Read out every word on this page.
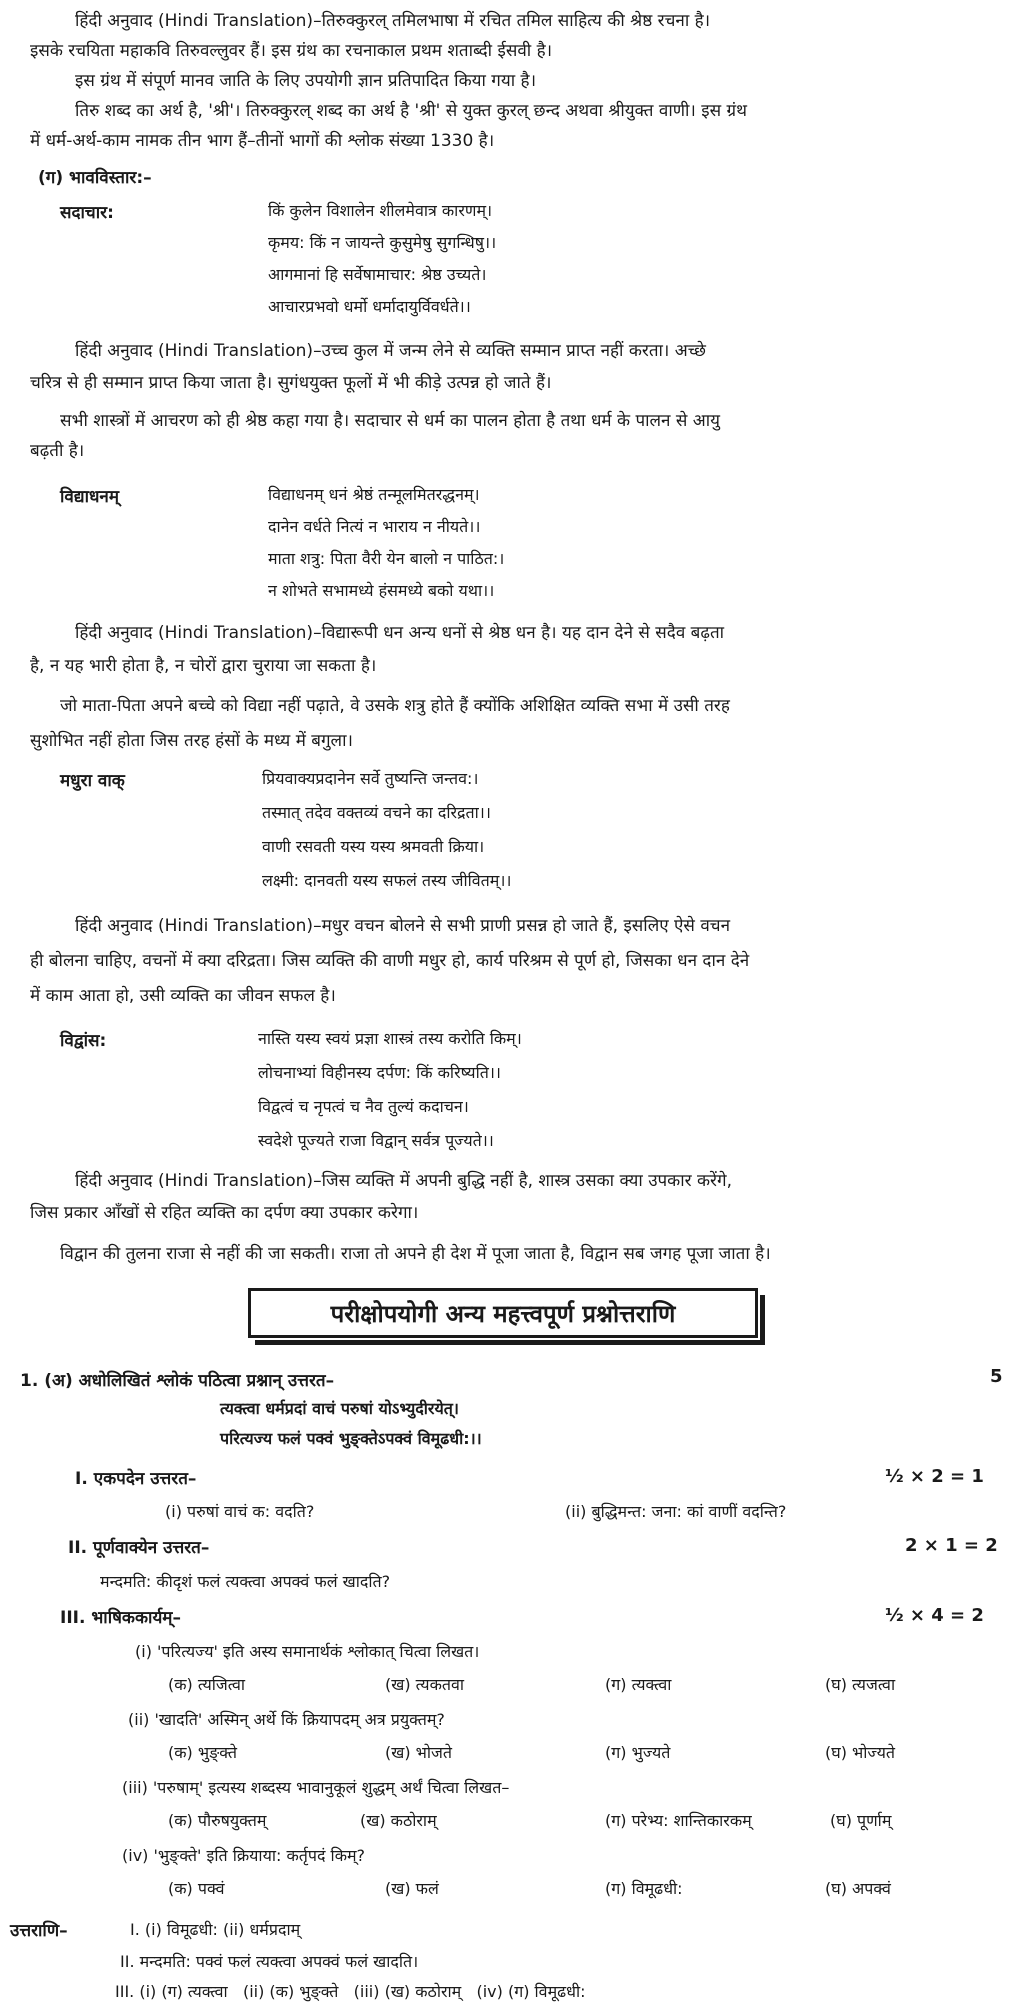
हिंदी अनुवाद (Hindi Translation)–तिरुक्कुरल् तमिलभाषा में रचित तमिल साहित्य की श्रेष्ठ रचना है।
इसके रचयिता महाकवि तिरुवल्लुवर हैं। इस ग्रंथ का रचनाकाल प्रथम शताब्दी ईसवी है।
इस ग्रंथ में संपूर्ण मानव जाति के लिए उपयोगी ज्ञान प्रतिपादित किया गया है।
तिरु शब्द का अर्थ है, 'श्री'। तिरुक्कुरल् शब्द का अर्थ है 'श्री' से युक्त कुरल् छन्द अथवा श्रीयुक्त वाणी। इस ग्रंथ
में धर्म-अर्थ-काम नामक तीन भाग हैं–तीनों भागों की श्लोक संख्या 1330 है।
(ग) भावविस्तार:–
सदाचार:	किं कुलेन विशालेन शीलमेवात्र कारणम्।
कृमय: किं न जायन्ते कुसुमेषु सुगन्धिषु।।
आगमानां हि सर्वेषामाचार: श्रेष्ठ उच्यते।
आचारप्रभवो धर्मो धर्मादायुर्विवर्धते।।
हिंदी अनुवाद (Hindi Translation)–उच्च कुल में जन्म लेने से व्यक्ति सम्मान प्राप्त नहीं करता। अच्छे
चरित्र से ही सम्मान प्राप्त किया जाता है। सुगंधयुक्त फूलों में भी कीड़े उत्पन्न हो जाते हैं।
सभी शास्त्रों में आचरण को ही श्रेष्ठ कहा गया है। सदाचार से धर्म का पालन होता है तथा धर्म के पालन से आयु
बढ़ती है।
विद्याधनम्	विद्याधनम् धनं श्रेष्ठं तन्मूलमितरद्धनम्।
दानेन वर्धते नित्यं न भाराय न नीयते।।
माता शत्रु: पिता वैरी येन बालो न पाठित:।
न शोभते सभामध्ये हंसमध्ये बको यथा।।
हिंदी अनुवाद (Hindi Translation)–विद्यारूपी धन अन्य धनों से श्रेष्ठ धन है। यह दान देने से सदैव बढ़ता
है, न यह भारी होता है, न चोरों द्वारा चुराया जा सकता है।
जो माता-पिता अपने बच्चे को विद्या नहीं पढ़ाते, वे उसके शत्रु होते हैं क्योंकि अशिक्षित व्यक्ति सभा में उसी तरह
सुशोभित नहीं होता जिस तरह हंसों के मध्य में बगुला।
मधुरा वाक्	प्रियवाक्यप्रदानेन सर्वे तुष्यन्ति जन्तव:।
तस्मात् तदेव वक्तव्यं वचने का दरिद्रता।।
वाणी रसवती यस्य यस्य श्रमवती क्रिया।
लक्ष्मी: दानवती यस्य सफलं तस्य जीवितम्।।
हिंदी अनुवाद (Hindi Translation)–मधुर वचन बोलने से सभी प्राणी प्रसन्न हो जाते हैं, इसलिए ऐसे वचन
ही बोलना चाहिए, वचनों में क्या दरिद्रता। जिस व्यक्ति की वाणी मधुर हो, कार्य परिश्रम से पूर्ण हो, जिसका धन दान देने
में काम आता हो, उसी व्यक्ति का जीवन सफल है।
विद्वांस:	नास्ति यस्य स्वयं प्रज्ञा शास्त्रं तस्य करोति किम्।
लोचनाभ्यां विहीनस्य दर्पण: किं करिष्यति।।
विद्वत्वं च नृपत्वं च नैव तुल्यं कदाचन।
स्वदेशे पूज्यते राजा विद्वान् सर्वत्र पूज्यते।।
हिंदी अनुवाद (Hindi Translation)–जिस व्यक्ति में अपनी बुद्धि नहीं है, शास्त्र उसका क्या उपकार करेंगे,
जिस प्रकार आँखों से रहित व्यक्ति का दर्पण क्या उपकार करेगा।
विद्वान की तुलना राजा से नहीं की जा सकती। राजा तो अपने ही देश में पूजा जाता है, विद्वान सब जगह पूजा जाता है।
परीक्षोपयोगी अन्य महत्त्वपूर्ण प्रश्नोत्तराणि
1. (अ) अधोलिखितं श्लोकं पठित्वा प्रश्नान् उत्तरत–	5
त्यक्त्वा धर्मप्रदां वाचं परुषां योऽभ्युदीरयेत्।
परित्यज्य फलं पक्वं भुङ्क्तेऽपक्वं विमूढधी:।।
I. एकपदेन उत्तरत–	½ × 2 = 1
(i) परुषां वाचं क: वदति?	(ii) बुद्धिमन्त: जना: कां वाणीं वदन्ति?
II. पूर्णवाक्येन उत्तरत–	2 × 1 = 2
मन्दमति: कीदृशं फलं त्यक्त्वा अपक्वं फलं खादति?
III. भाषिककार्यम्–	½ × 4 = 2
(i) 'परित्यज्य' इति अस्य समानार्थकं श्लोकात् चित्वा लिखत।
(क) त्यजित्वा	(ख) त्यकतवा	(ग) त्यक्त्वा	(घ) त्यजत्वा
(ii) 'खादति' अस्मिन् अर्थे किं क्रियापदम् अत्र प्रयुक्तम्?
(क) भुङ्क्ते	(ख) भोजते	(ग) भुज्यते	(घ) भोज्यते
(iii) 'परुषाम्' इत्यस्य शब्दस्य भावानुकूलं शुद्धम् अर्थं चित्वा लिखत–
(क) पौरुषयुक्तम्	(ख) कठोराम्	(ग) परेभ्य: शान्तिकारकम्	(घ) पूर्णाम्
(iv) 'भुङ्क्ते' इति क्रियाया: कर्तृपदं किम्?
(क) पक्वं	(ख) फलं	(ग) विमूढधी:	(घ) अपक्वं
उत्तराणि–	I. (i) विमूढधी: (ii) धर्मप्रदाम्
II. मन्दमति: पक्वं फलं त्यक्त्वा अपक्वं फलं खादति।
III. (i) (ग) त्यक्त्वा   (ii) (क) भुङ्क्ते   (iii) (ख) कठोराम्   (iv) (ग) विमूढधी:
